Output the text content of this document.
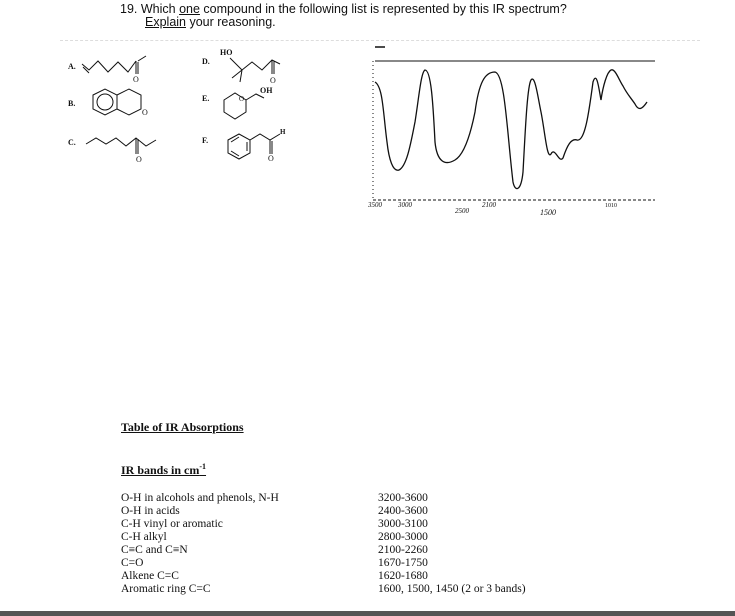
19. Which one compound in the following list is represented by this IR spectrum?
Explain your reasoning.
A.
B.
C.
D.
E.
F.
O
O
O
HO
O
O
OH
H
O
3500 3000
2500
2100
1500
1010
Table of IR Absorptions
IR bands in $cm^{-1}$
O-H in alcohols and phenols, N-H
O-H in acids
C-H vinyl or aromatic
C-H alkyl
C≡C and C≡N
C=O
Alkene C=C
Aromatic ring C=C
3200-3600
2400-3600
3000-3100
2800-3000
2100-2260
1670-1750
1620-1680
1600, 1500, 1450 (2 or 3 bands)
